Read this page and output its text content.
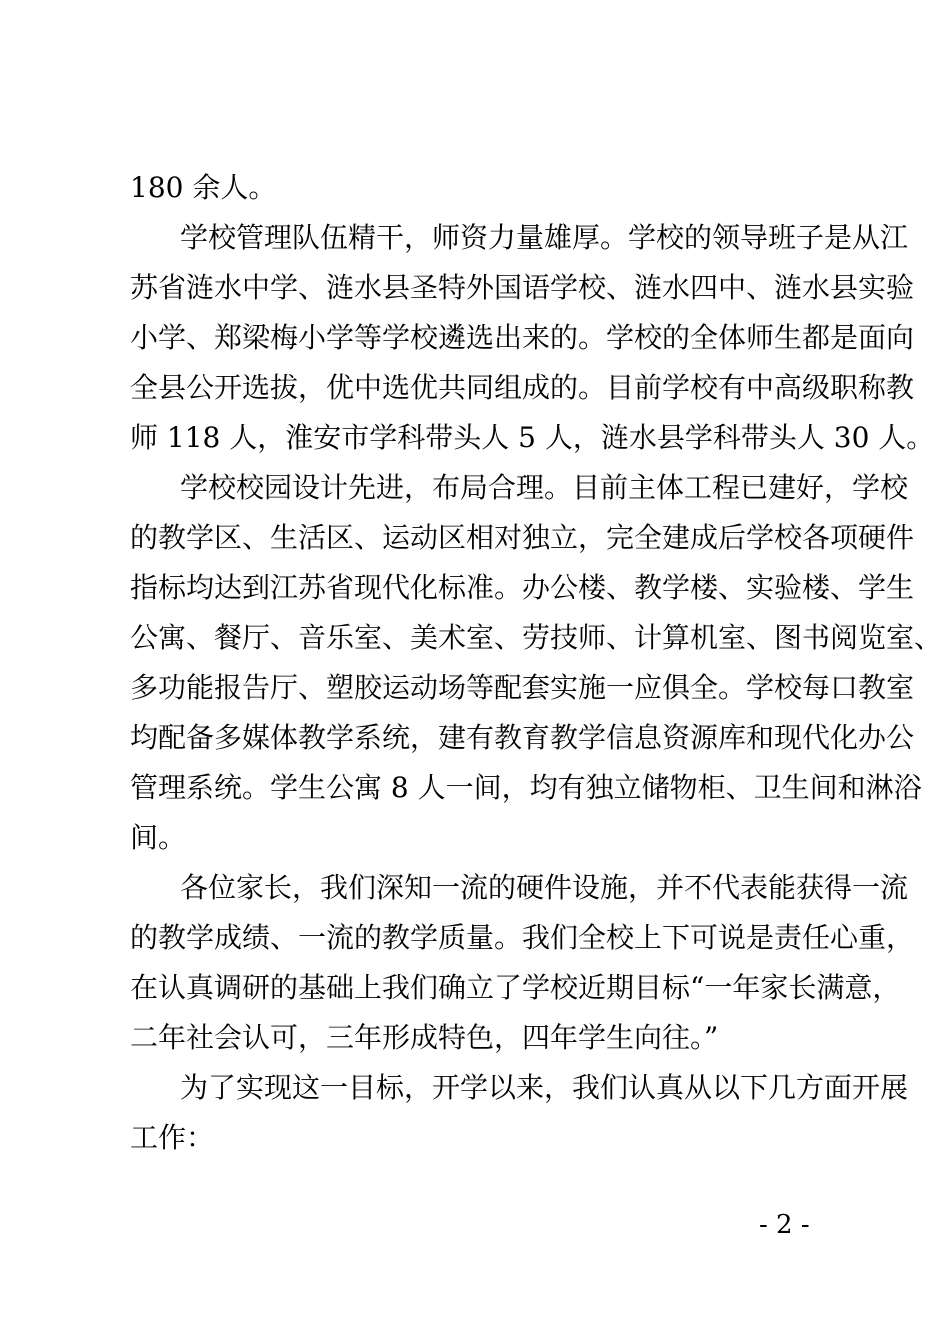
180 余人。
学校管理队伍精干，师资力量雄厚。学校的领导班子是从江
苏省涟水中学、涟水县圣特外国语学校、涟水四中、涟水县实验
小学、郑梁梅小学等学校遴选出来的。学校的全体师生都是面向
全县公开选拔，优中选优共同组成的。目前学校有中高级职称教
师 118 人，淮安市学科带头人 5 人，涟水县学科带头人 30 人。
学校校园设计先进，布局合理。目前主体工程已建好，学校
的教学区、生活区、运动区相对独立，完全建成后学校各项硬件
指标均达到江苏省现代化标准。办公楼、教学楼、实验楼、学生
公寓、餐厅、音乐室、美术室、劳技师、计算机室、图书阅览室、
多功能报告厅、塑胶运动场等配套实施一应俱全。学校每口教室
均配备多媒体教学系统，建有教育教学信息资源库和现代化办公
管理系统。学生公寓 8 人一间，均有独立储物柜、卫生间和淋浴
间。
各位家长，我们深知一流的硬件设施，并不代表能获得一流
的教学成绩、一流的教学质量。我们全校上下可说是责任心重，
在认真调研的基础上我们确立了学校近期目标“一年家长满意，
二年社会认可，三年形成特色，四年学生向往。”
为了实现这一目标，开学以来，我们认真从以下几方面开展
工作：
- 2 -
